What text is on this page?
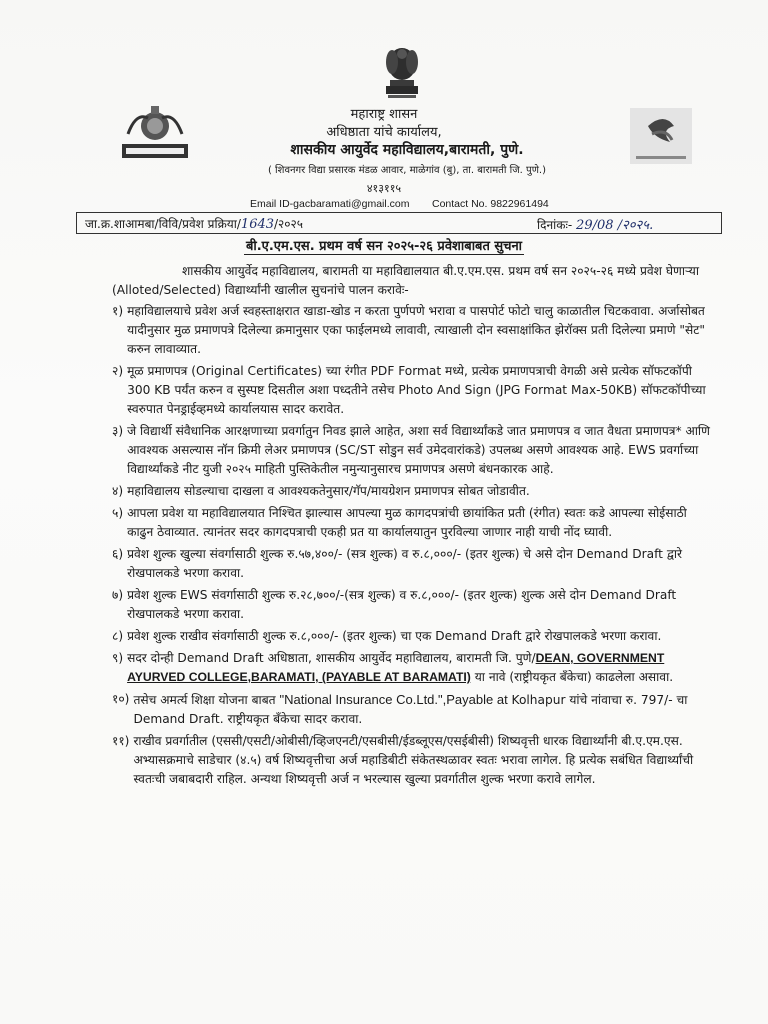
महाराष्ट्र शासन
अधिष्ठाता यांचे कार्यालय,
शासकीय आयुर्वेद महाविद्यालय,बारामती, पुणे.
( शिवनगर विद्या प्रसारक मंडळ आवार, माळेगांव (बु), ता. बारामती जि. पुणे.)
४१३११५
Email ID-gacbaramati@gmail.com Contact No. 9822961494
जा.क्र.शाआमबा/विवि/प्रवेश प्रक्रिया/1643/२०२५	दिनांकः- 29/08 /२०२५.
बी.ए.एम.एस. प्रथम वर्ष सन २०२५-२६ प्रवेशाबाबत सुचना

शासकीय आयुर्वेद महाविद्यालय, बारामती या महाविद्यालयात बी.ए.एम.एस. प्रथम वर्ष सन २०२५-२६ मध्ये प्रवेश घेणाऱ्या (Alloted/Selected) विद्यार्थ्यांनी खालील सुचनांचे पालन करावेः-

१) महाविद्यालयाचे प्रवेश अर्ज स्वहस्ताक्षरात खाडा-खोड न करता पुर्णपणे भरावा व पासपोर्ट फोटो चालु काळातील चिटकवावा. अर्जासोबत यादीनुसार मुळ प्रमाणपत्रे दिलेल्या क्रमानुसार एका फाईलमध्ये लावावी, त्याखाली दोन स्वसाक्षांकित झेरॉक्स प्रती दिलेल्या प्रमाणे "सेट" करुन लावाव्यात.
२) मूळ प्रमाणपत्र (Original Certificates) च्या रंगीत PDF Format मध्ये, प्रत्येक प्रमाणपत्राची वेगळी असे प्रत्येक सॉफटकॉपी 300 KB पर्यंत करुन व सुस्पष्ट दिसतील अशा पध्दतीने तसेच Photo And Sign (JPG Format Max-50KB) सॉफटकॉपीच्या स्वरुपात पेनड्राईव्हमध्ये कार्यालयास सादर करावेत.
३) जे विद्यार्थी संवैधानिक आरक्षणाच्या प्रवर्गातुन निवड झाले आहेत, अशा सर्व विद्यार्थ्यांकडे जात प्रमाणपत्र व जात वैधता प्रमाणपत्र* आणि आवश्यक असल्यास नॉन क्रिमी लेअर प्रमाणपत्र (SC/ST सोडुन सर्व उमेदवारांकडे) उपलब्ध असणे आवश्यक आहे. EWS प्रवर्गाच्या विद्यार्थ्यांकडे नीट युजी २०२५ माहिती पुस्तिकेतील नमुन्यानुसारच प्रमाणपत्र असणे बंधनकारक आहे.
४) महाविद्यालय सोडल्याचा दाखला व आवश्यकतेनुसार/गॅप/मायग्रेशन प्रमाणपत्र सोबत जोडावीत.
५) आपला प्रवेश या महाविद्यालयात निश्चित झाल्यास आपल्या मुळ कागदपत्रांची छायांकित प्रती (रंगीत) स्वतः कडे आपल्या सोईसाठी काढुन ठेवाव्यात. त्यानंतर सदर कागदपत्राची एकही प्रत या कार्यालयातुन पुरविल्या जाणार नाही याची नोंद घ्यावी.
६) प्रवेश शुल्क खुल्या संवर्गासाठी शुल्क रु.५७,४००/- (सत्र शुल्क) व रु.८,०००/- (इतर शुल्क) चे असे दोन Demand Draft द्वारे रोखपालकडे भरणा करावा.
७) प्रवेश शुल्क EWS संवर्गासाठी शुल्क रु.२८,७००/-(सत्र शुल्क) व रु.८,०००/- (इतर शुल्क) शुल्क असे दोन Demand Draft रोखपालकडे भरणा करावा.
८) प्रवेश शुल्क राखीव संवर्गासाठी शुल्क रु.८,०००/- (इतर शुल्क) चा एक Demand Draft द्वारे रोखपालकडे भरणा करावा.
९) सदर दोन्ही Demand Draft अधिष्ठाता, शासकीय आयुर्वेद महाविद्यालय, बारामती जि. पुणे/DEAN, GOVERNMENT AYURVED COLLEGE,BARAMATI, (PAYABLE AT BARAMATI) या नावे (राष्ट्रीयकृत बँकेचा) काढलेला असावा.
१०) तसेच अमर्त्य शिक्षा योजना बाबत "National Insurance Co.Ltd.",Payable at Kolhapur यांचे नांवाचा रु. 797/- चा Demand Draft. राष्ट्रीयकृत बँकेचा सादर करावा.
११) राखीव प्रवर्गातील (एससी/एसटी/ओबीसी/व्हिजएनटी/एसबीसी/ईडब्लूएस/एसईबीसी) शिष्यवृत्ती धारक विद्यार्थ्यांनी बी.ए.एम.एस. अभ्यासक्रमाचे साडेचार (४.५) वर्ष शिष्यवृत्तीचा अर्ज महाडिबीटी संकेतस्थळावर स्वतः भरावा लागेल. हि प्रत्येक सबंधित विद्यार्थ्यांची स्वतःची जबाबदारी राहिल. अन्यथा शिष्यवृत्ती अर्ज न भरल्यास खुल्या प्रवर्गातील शुल्क भरणा करावे लागेल.
